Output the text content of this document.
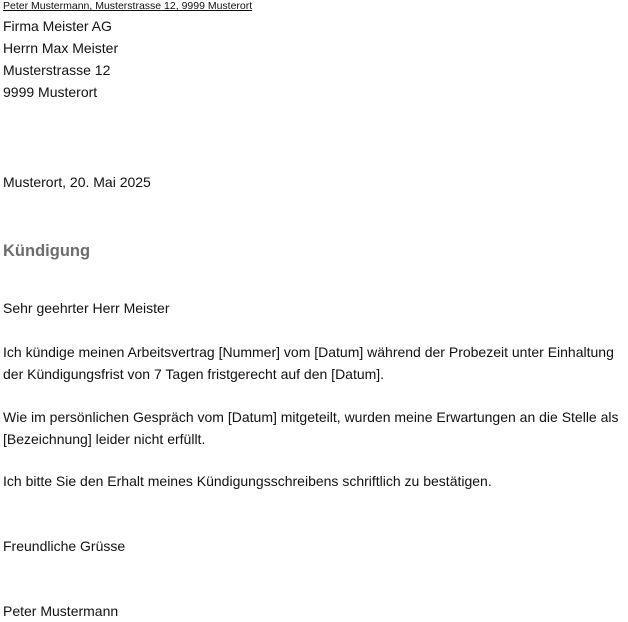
Peter Mustermann, Musterstrasse 12, 9999 Musterort
Firma Meister AG
Herrn Max Meister
Musterstrasse 12
9999 Musterort
Musterort, 20. Mai 2025
Kündigung
Sehr geehrter Herr Meister
Ich kündige meinen Arbeitsvertrag [Nummer] vom [Datum] während der Probezeit unter Einhaltung der Kündigungsfrist von 7 Tagen fristgerecht auf den [Datum].
Wie im persönlichen Gespräch vom [Datum] mitgeteilt, wurden meine Erwartungen an die Stelle als [Bezeichnung] leider nicht erfüllt.
Ich bitte Sie den Erhalt meines Kündigungsschreibens schriftlich zu bestätigen.
Freundliche Grüsse
Peter Mustermann
